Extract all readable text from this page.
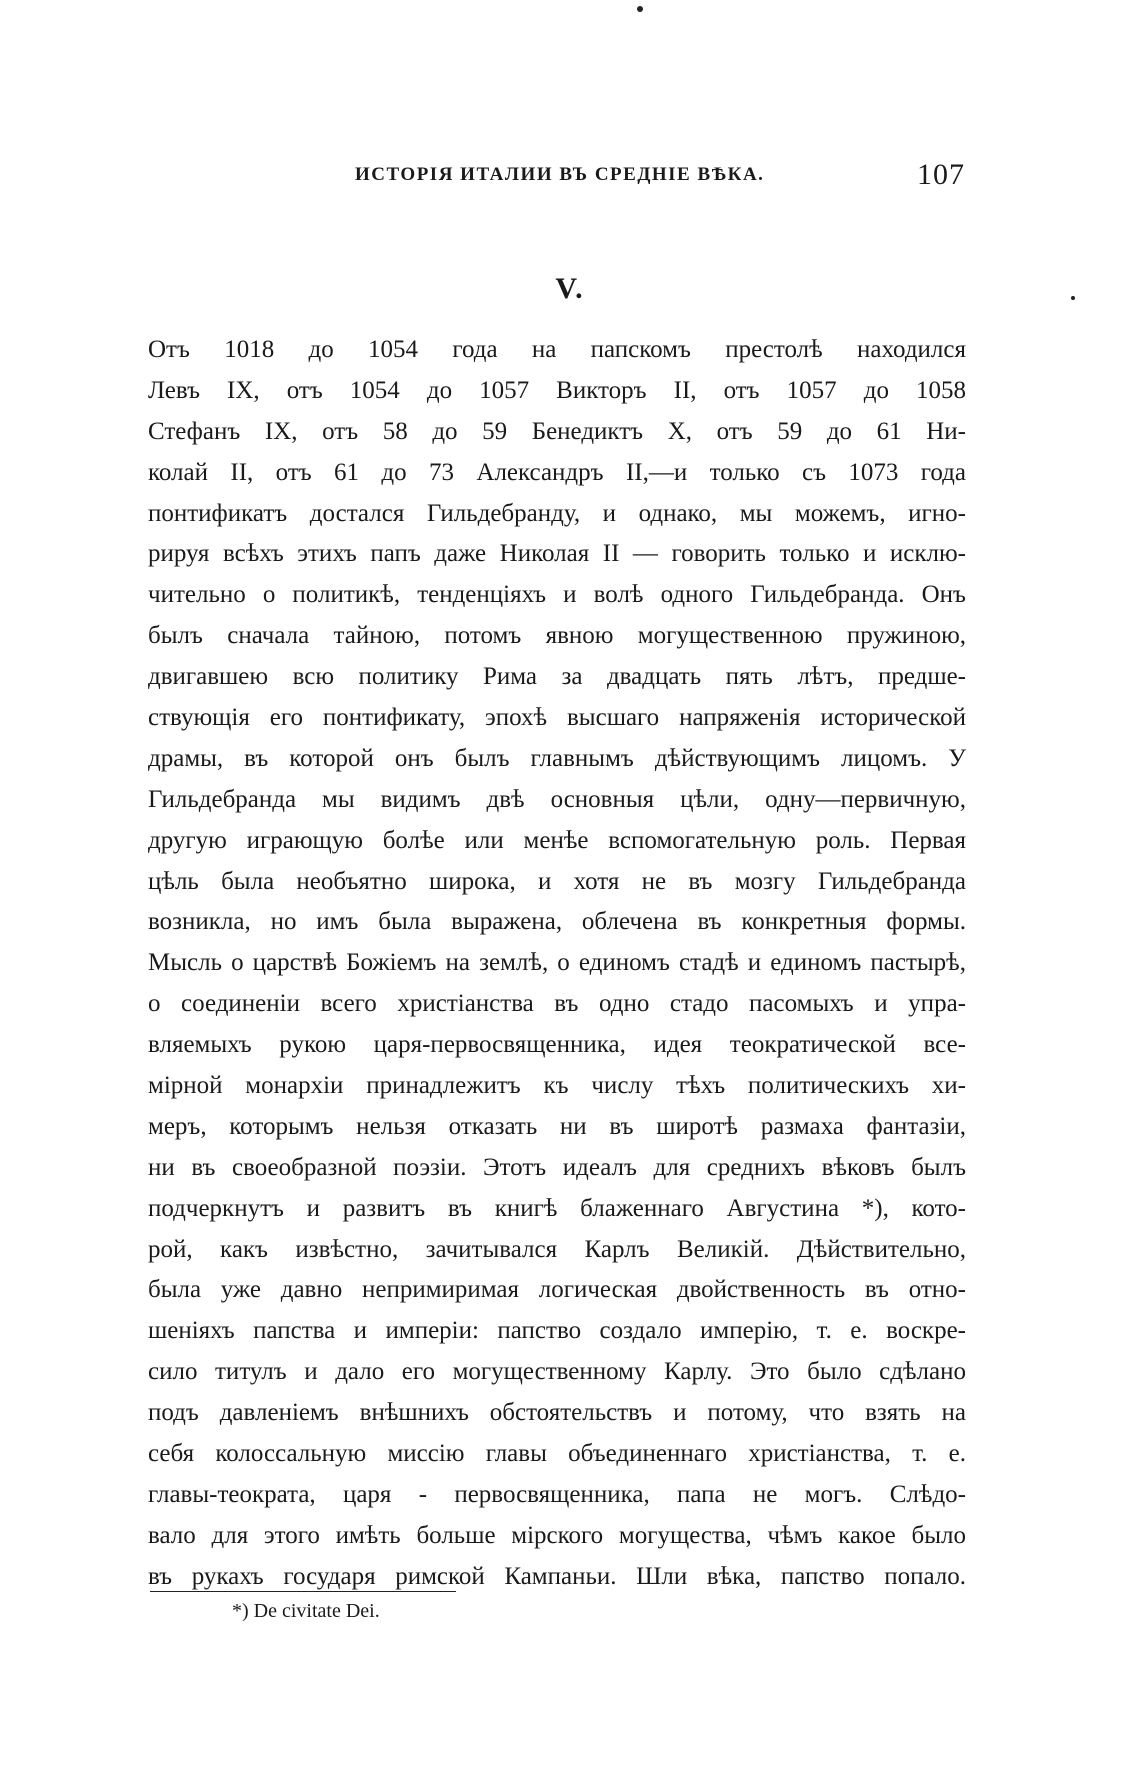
ИСТОРІЯ ИТАЛИИ ВЪ СРЕДНІЕ ВѢКА.	107
V.
Отъ 1018 до 1054 года на папскомъ престолѣ находился
Левъ IX, отъ 1054 до 1057 Викторъ II, отъ 1057 до 1058
Стефанъ IX, отъ 58 до 59 Бенедиктъ X, отъ 59 до 61 Ни-
колай II, отъ 61 до 73 Александръ II,—и только съ 1073 года
понтификатъ достался Гильдебранду, и однако, мы можемъ, игно-
рируя всѣхъ этихъ папъ даже Николая II — говорить только и исклю-
чительно о политикѣ, тенденціяхъ и волѣ одного Гильдебранда. Онъ
былъ сначала тайною, потомъ явною могущественною пружиною,
двигавшею всю политику Рима за двадцать пять лѣтъ, предше-
ствующія его понтификату, эпохѣ высшаго напряженія исторической
драмы, въ которой онъ былъ главнымъ дѣйствующимъ лицомъ. У
Гильдебранда мы видимъ двѣ основныя цѣли, одну—первичную,
другую играющую болѣе или менѣе вспомогательную роль. Первая
цѣль была необъятно широка, и хотя не въ мозгу Гильдебранда
возникла, но имъ была выражена, облечена въ конкретныя формы.
Мысль о царствѣ Божіемъ на землѣ, о единомъ стадѣ и единомъ пастырѣ,
о соединеніи всего христіанства въ одно стадо пасомыхъ и упра-
вляемыхъ рукою царя-первосвященника, идея теократической все-
мірной монархіи принадлежитъ къ числу тѣхъ политическихъ хи-
меръ, которымъ нельзя отказать ни въ широтѣ размаха фантазіи,
ни въ своеобразной поэзіи. Этотъ идеалъ для среднихъ вѣковъ былъ
подчеркнутъ и развитъ въ книгѣ блаженнаго Августина *), кото-
рой, какъ извѣстно, зачитывался Карлъ Великій. Дѣйствительно,
была уже давно непримиримая логическая двойственность въ отно-
шеніяхъ папства и имперіи: папство создало имперію, т. е. воскре-
сило титулъ и дало его могущественному Карлу. Это было сдѣлано
подъ давленіемъ внѣшнихъ обстоятельствъ и потому, что взять на
себя колоссальную миссію главы объединеннаго христіанства, т. е.
главы-теократа, царя - первосвященника, папа не могъ. Слѣдо-
вало для этого имѣть больше мірского могущества, чѣмъ какое было
въ рукахъ государя римской Кампаньи. Шли вѣка, папство попало.
*) De civitate Dei.
